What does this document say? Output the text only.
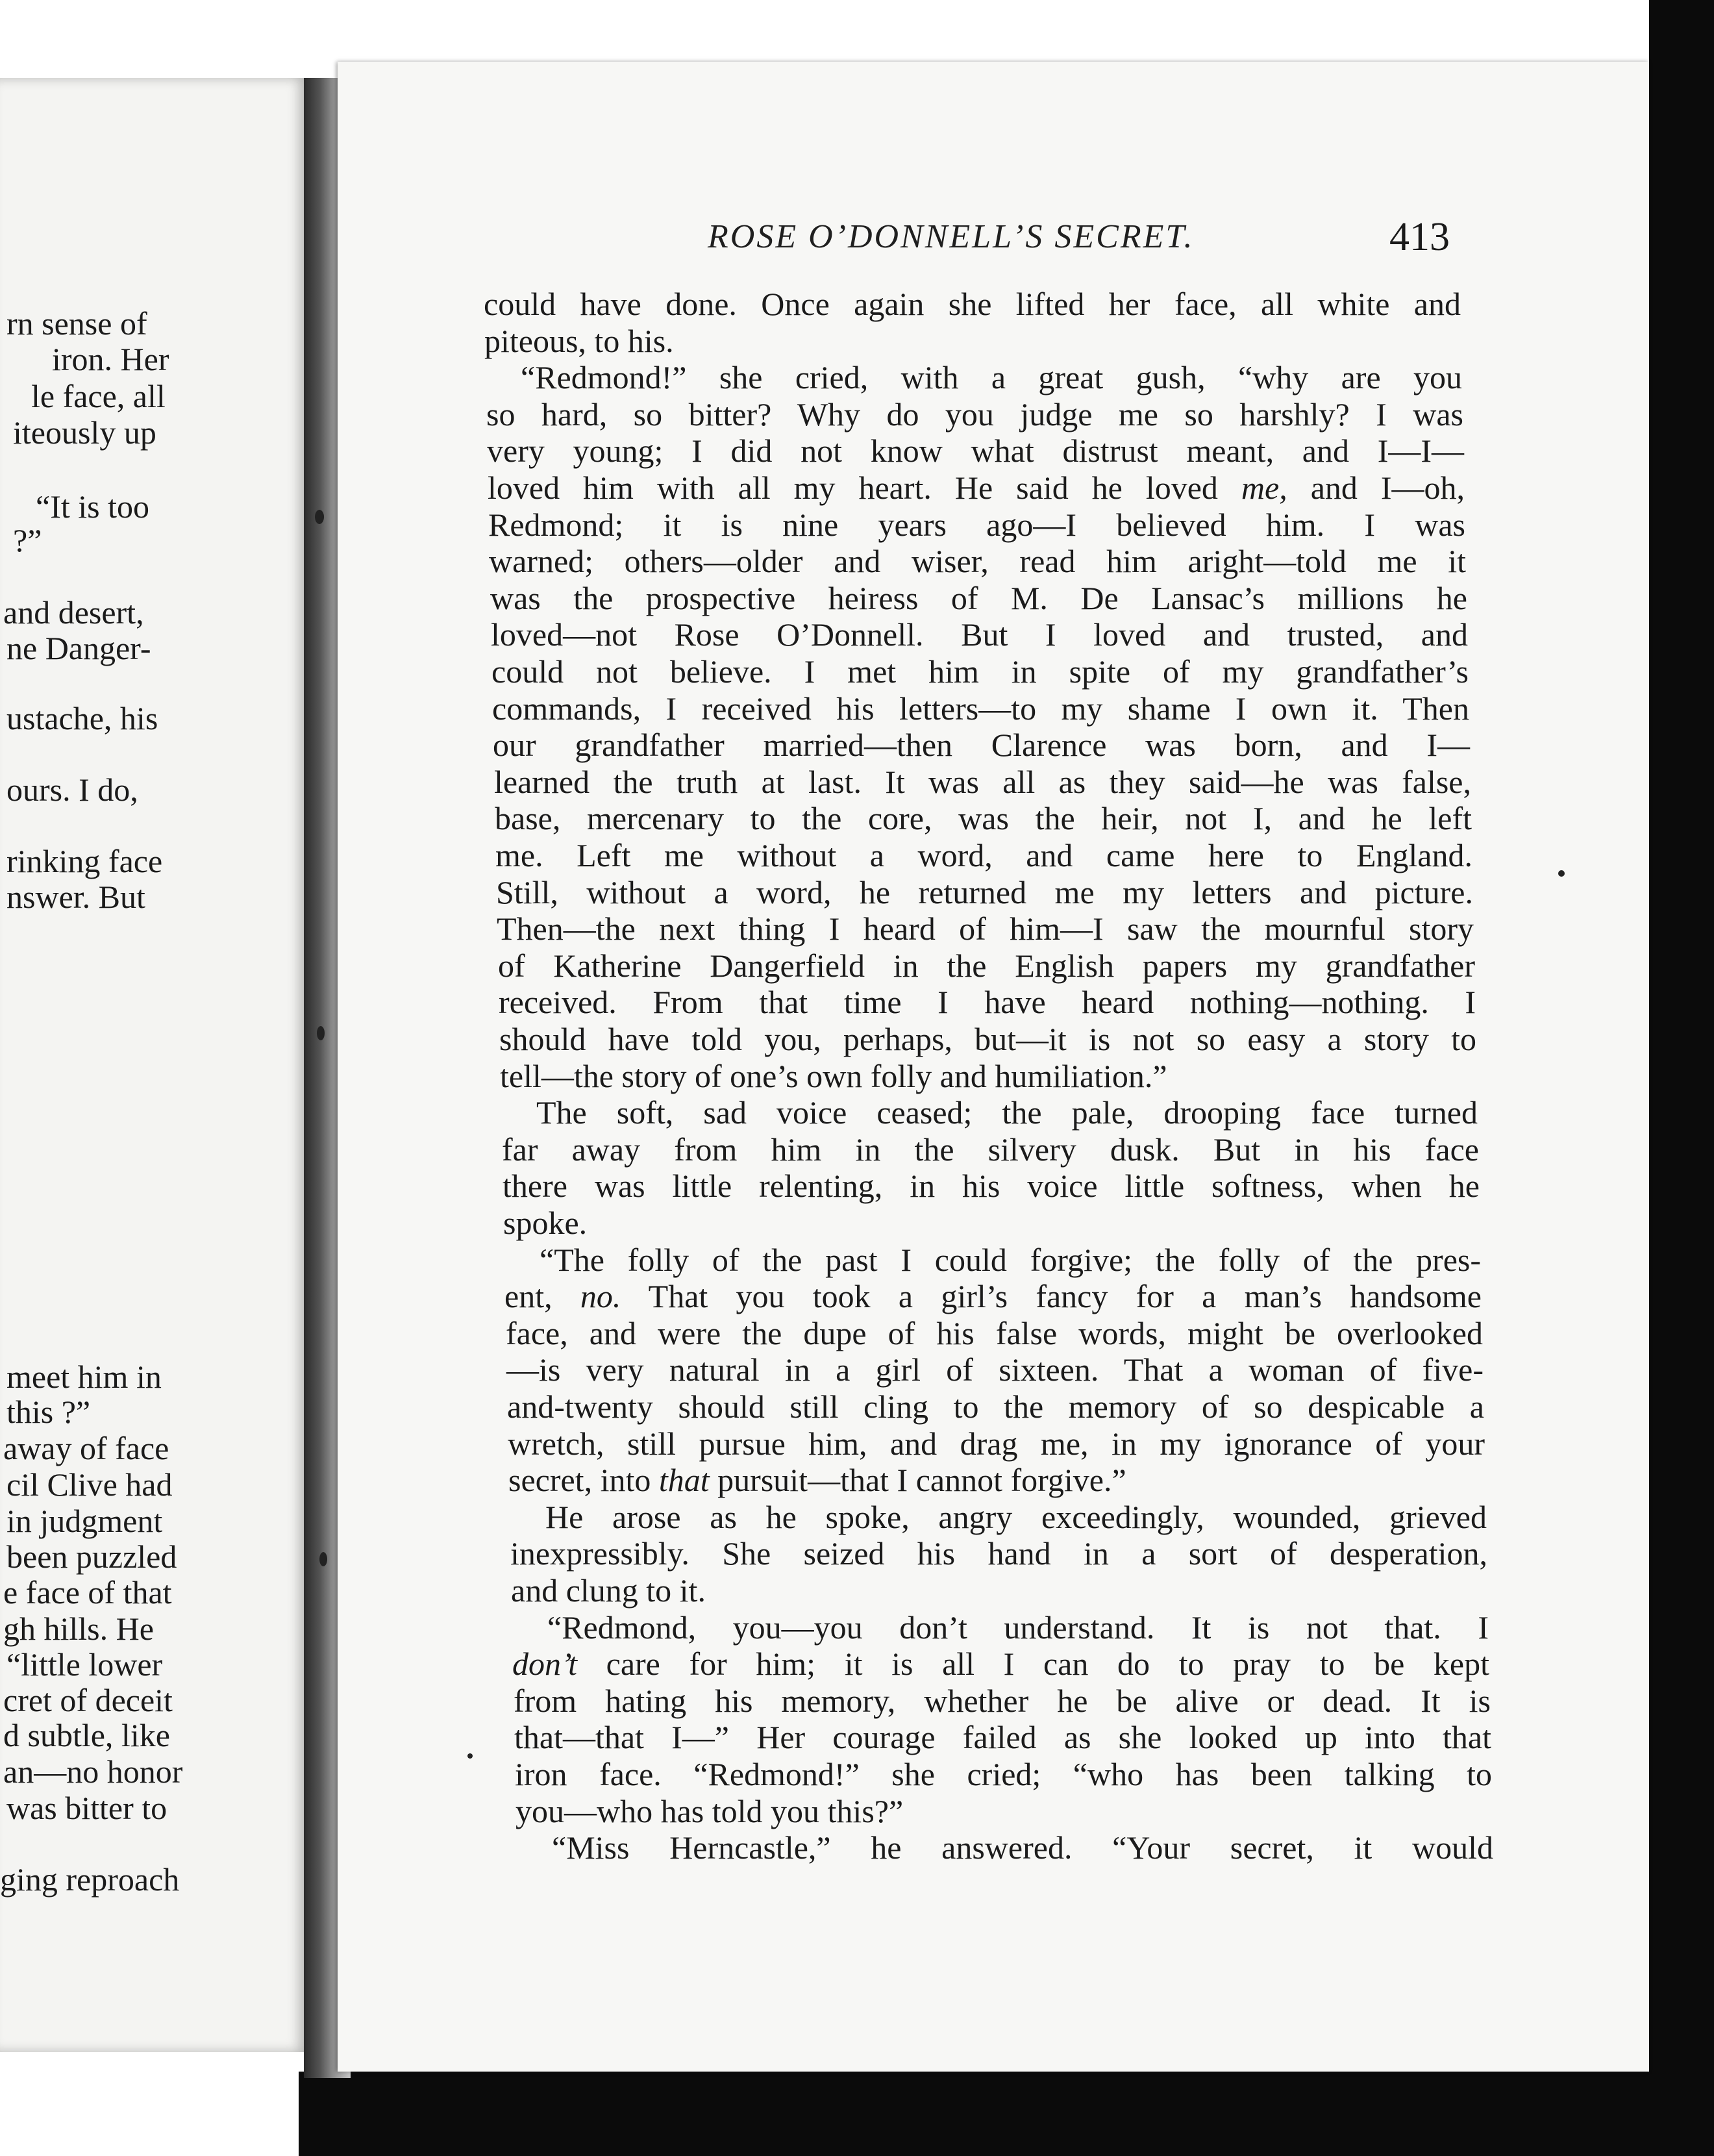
rn sense of
iron. Her
le face, all
iteously up
“It is too
?”
and desert,
ne Danger-
ustache, his
ours. I do,
rinking face
nswer. But
meet him in
this ?”
away of face
cil Clive had
in judgment
been puzzled
e face of that
gh hills. He
“little lower
cret of deceit
d subtle, like
an—no honor
was bitter to
ging reproach
ROSE O’DONNELL’S SECRET.	413
could have done. Once again she lifted her face, all white and
piteous, to his.
“Redmond!” she cried, with a great gush, “why are you
so hard, so bitter? Why do you judge me so harshly? I was
very young; I did not know what distrust meant, and I—I—
loved him with all my heart. He said he loved me, and I—oh,
Redmond; it is nine years ago—I believed him. I was
warned; others—older and wiser, read him aright—told me it
was the prospective heiress of M. De Lansac’s millions he
loved—not Rose O’Donnell. But I loved and trusted, and
could not believe. I met him in spite of my grandfather’s
commands, I received his letters—to my shame I own it. Then
our grandfather married—then Clarence was born, and I—
learned the truth at last. It was all as they said—he was false,
base, mercenary to the core, was the heir, not I, and he left
me. Left me without a word, and came here to England.
Still, without a word, he returned me my letters and picture.
Then—the next thing I heard of him—I saw the mournful story
of Katherine Dangerfield in the English papers my grandfather
received. From that time I have heard nothing—nothing. I
should have told you, perhaps, but—it is not so easy a story to
tell—the story of one’s own folly and humiliation.”
The soft, sad voice ceased; the pale, drooping face turned
far away from him in the silvery dusk. But in his face
there was little relenting, in his voice little softness, when he
spoke.
“The folly of the past I could forgive; the folly of the pres-
ent, no. That you took a girl’s fancy for a man’s handsome
face, and were the dupe of his false words, might be overlooked
—is very natural in a girl of sixteen. That a woman of five-
and-twenty should still cling to the memory of so despicable a
wretch, still pursue him, and drag me, in my ignorance of your
secret, into that pursuit—that I cannot forgive.”
He arose as he spoke, angry exceedingly, wounded, grieved
inexpressibly. She seized his hand in a sort of desperation,
and clung to it.
“Redmond, you—you don’t understand. It is not that. I
don’t care for him; it is all I can do to pray to be kept
from hating his memory, whether he be alive or dead. It is
that—that I—” Her courage failed as she looked up into that
iron face. “Redmond!” she cried; “who has been talking to
you—who has told you this?”
“Miss Herncastle,” he answered. “Your secret, it would
